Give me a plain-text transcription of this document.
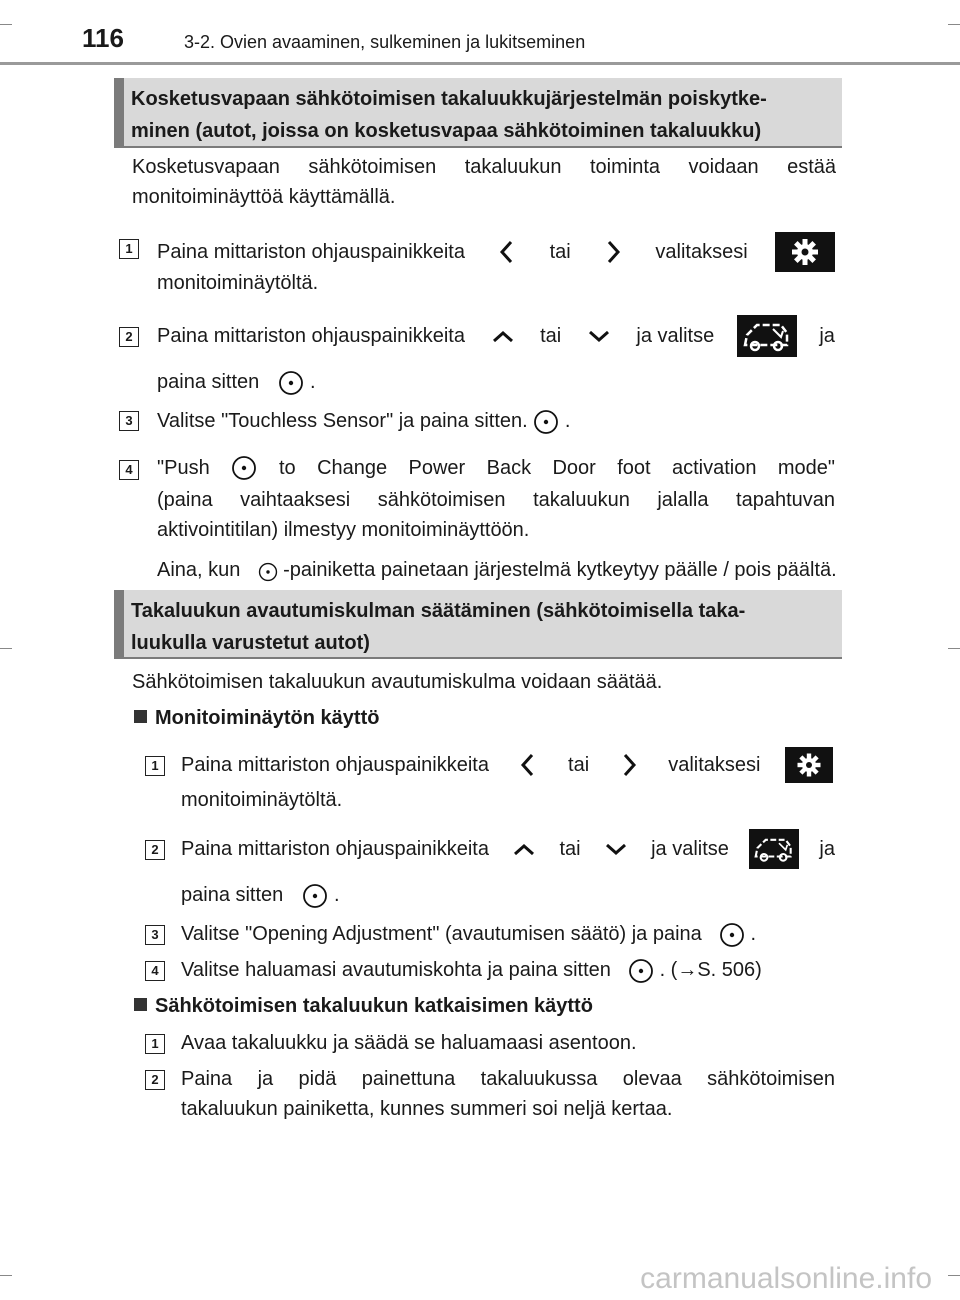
116	3-2. Ovien avaaminen, sulkeminen ja lukitseminen
Kosketusvapaan sähkötoimisen takaluukkujärjestelmän poiskytke-
minen (autot, joissa on kosketusvapaa sähkötoiminen takaluukku)
Kosketusvapaan sähkötoimisen takaluukun toiminta voidaan estää
monitoiminäyttöä käyttämällä.
1	Paina mittariston ohjauspainikkeita	tai	valitaksesi
monitoiminäytöltä.
2	Paina mittariston ohjauspainikkeita	tai	ja valitse	ja
paina sitten	.
3	Valitse "Touchless Sensor" ja paina sitten. .
4	"Push	to Change Power Back Door foot activation mode"
(paina vaihtaaksesi sähkötoimisen takaluukun jalalla tapahtuvan
aktivointitilan) ilmestyy monitoiminäyttöön.
Aina, kun -painiketta painetaan järjestelmä kytkeytyy päälle / pois päältä.
Takaluukun avautumiskulman säätäminen (sähkötoimisella taka-
luukulla varustetut autot)
Sähkötoimisen takaluukun avautumiskulma voidaan säätää.
Monitoiminäytön käyttö
1	Paina mittariston ohjauspainikkeita	tai	valitaksesi
monitoiminäytöltä.
2	Paina mittariston ohjauspainikkeita	tai	ja valitse	ja
paina sitten	.
3	Valitse "Opening Adjustment" (avautumisen säätö) ja paina .
4	Valitse haluamasi avautumiskohta ja paina sitten . (→S. 506)
Sähkötoimisen takaluukun katkaisimen käyttö
1	Avaa takaluukku ja säädä se haluamaasi asentoon.
2	Paina ja pidä painettuna takaluukussa olevaa sähkötoimisen
takaluukun painiketta, kunnes summeri soi neljä kertaa.
carmanualsonline.info
